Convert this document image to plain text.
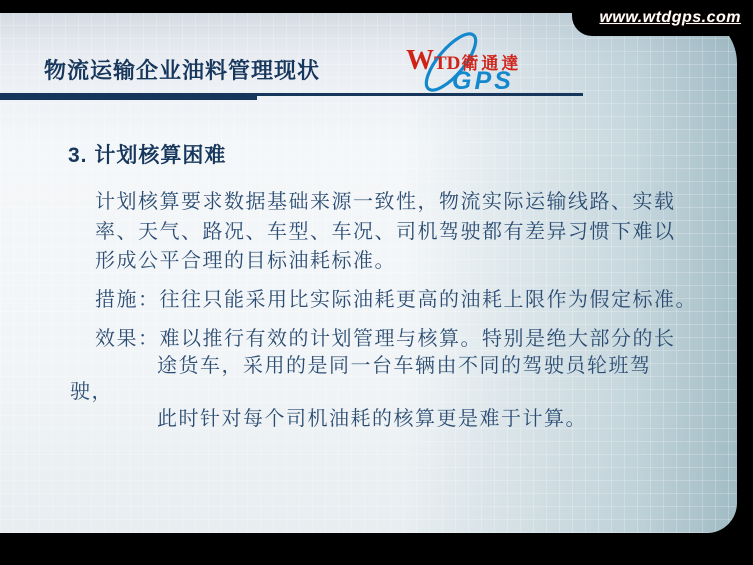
www.wtdgps.com
物流运输企业油料管理现状	WTD衛通達
GPS
3. 计划核算困难
计划核算要求数据基础来源一致性，物流实际运输线路、实载
率、天气、路况、车型、车况、司机驾驶都有差异习惯下难以
形成公平合理的目标油耗标准。
措施：往往只能采用比实际油耗更高的油耗上限作为假定标准。
效果：难以推行有效的计划管理与核算。特别是绝大部分的长
途货车，采用的是同一台车辆由不同的驾驶员轮班驾
驶，
此时针对每个司机油耗的核算更是难于计算。
